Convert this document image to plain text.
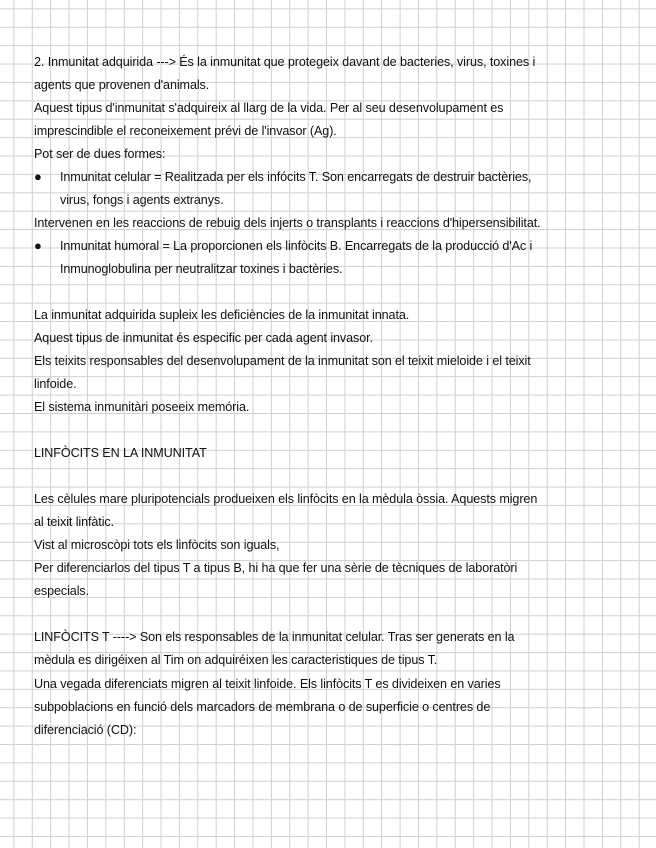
2. Inmunitat adquirida ---> És la inmunitat que protegeix davant de bacteries, virus, toxines i
agents que provenen d'animals.
Aquest tipus d'inmunitat s'adquireix al llarg de la vida. Per al seu desenvolupament es
imprescindible el reconeixement prévi de l'invasor (Ag).
Pot ser de dues formes:
● Inmunitat celular = Realitzada per els infócits T. Son encarregats de destruir bactèries,
virus, fongs i agents extranys.
Intervenen en les reaccions de rebuig dels injerts o transplants i reaccions d'hipersensibilitat.
● Inmunitat humoral = La proporcionen els linfòcits B. Encarregats de la producció d'Ac i
Inmunoglobulina per neutralitzar toxines i bactèries.
La inmunitat adquirida supleix les deficiències de la inmunitat innata.
Aquest tipus de inmunitat és especific per cada agent invasor.
Els teixits responsables del desenvolupament de la inmunitat son el teixit mieloide i el teixit
linfoide.
El sistema inmunitàri poseeix memória.
LINFÒCITS EN LA INMUNITAT
Les cèlules mare pluripotencials produeixen els linfòcits en la mèdula òssia. Aquests migren
al teixit linfàtic.
Vist al microscòpi tots els linfòcits son iguals,
Per diferenciarlos del tipus T a tipus B, hi ha que fer una sèrie de tècniques de laboratòri
especials.
LINFÒCITS T ----> Son els responsables de la inmunitat celular. Tras ser generats en la
mèdula es dirigéixen al Tim on adquiréixen les caracteristiques de tipus T.
Una vegada diferenciats migren al teixit linfoide. Els linfòcits T es divideixen en varies
subpoblacions en funció dels marcadors de membrana o de superficie o centres de
diferenciació (CD):
